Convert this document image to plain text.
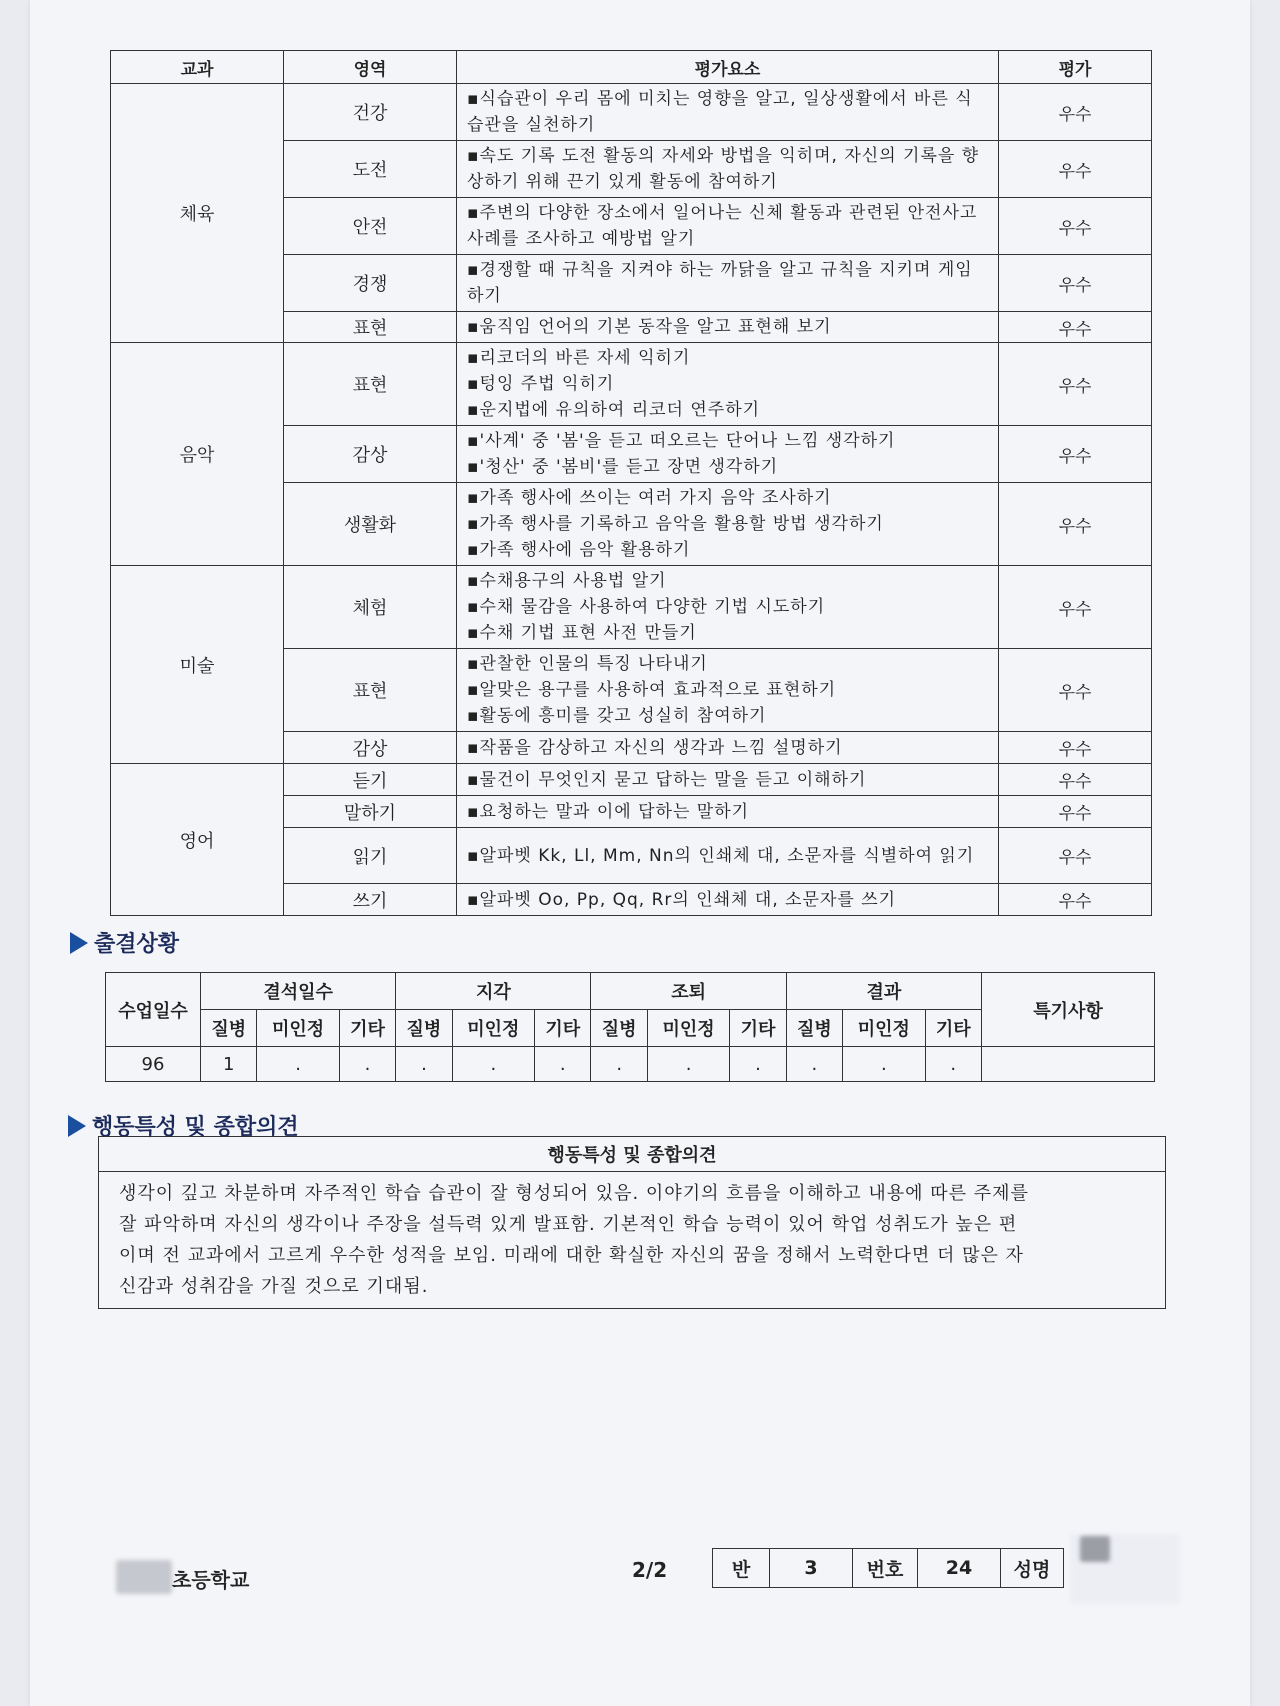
교과	영역	평가요소	평가
체육	건강	▪식습관이 우리 몸에 미치는 영향을 알고, 일상생활에서 바른 식습관을 실천하기	우수
	도전	▪속도 기록 도전 활동의 자세와 방법을 익히며, 자신의 기록을 향상하기 위해 끈기 있게 활동에 참여하기	우수
	안전	▪주변의 다양한 장소에서 일어나는 신체 활동과 관련된 안전사고 사례를 조사하고 예방법 알기	우수
	경쟁	▪경쟁할 때 규칙을 지켜야 하는 까닭을 알고 규칙을 지키며 게임하기	우수
	표현	▪움직임 언어의 기본 동작을 알고 표현해 보기	우수
음악	표현	▪리코더의 바른 자세 익히기
▪텅잉 주법 익히기
▪운지법에 유의하여 리코더 연주하기	우수
	감상	▪'사계' 중 '봄'을 듣고 떠오르는 단어나 느낌 생각하기
▪'청산' 중 '봄비'를 듣고 장면 생각하기	우수
	생활화	▪가족 행사에 쓰이는 여러 가지 음악 조사하기
▪가족 행사를 기록하고 음악을 활용할 방법 생각하기
▪가족 행사에 음악 활용하기	우수
미술	체험	▪수채용구의 사용법 알기
▪수채 물감을 사용하여 다양한 기법 시도하기
▪수채 기법 표현 사전 만들기	우수
	표현	▪관찰한 인물의 특징 나타내기
▪알맞은 용구를 사용하여 효과적으로 표현하기
▪활동에 흥미를 갖고 성실히 참여하기	우수
	감상	▪작품을 감상하고 자신의 생각과 느낌 설명하기	우수
영어	듣기	▪물건이 무엇인지 묻고 답하는 말을 듣고 이해하기	우수
	말하기	▪요청하는 말과 이에 답하는 말하기	우수
	읽기	▪알파벳 Kk, Ll, Mm, Nn의 인쇄체 대, 소문자를 식별하여 읽기	우수
	쓰기	▪알파벳 Oo, Pp, Qq, Rr의 인쇄체 대, 소문자를 쓰기	우수
출결상황
수업일수	결석일수			지각			조퇴			결과			특기사항
	질병	미인정	기타	질병	미인정	기타	질병	미인정	기타	질병	미인정	기타	
96	1	.	.	.	.	.	.	.	.	.	.	.	
행동특성 및 종합의견
행동특성 및 종합의견

생각이 깊고 차분하며 자주적인 학습 습관이 잘 형성되어 있음. 이야기의 흐름을 이해하고 내용에 따른 주제를
잘 파악하며 자신의 생각이나 주장을 설득력 있게 발표함. 기본적인 학습 능력이 있어 학업 성취도가 높은 편
이며 전 교과에서 고르게 우수한 성적을 보임. 미래에 대한 확실한 자신의 꿈을 정해서 노력한다면 더 많은 자
신감과 성취감을 가질 것으로 기대됨.
초등학교	2/2	반	3	번호	24	성명
